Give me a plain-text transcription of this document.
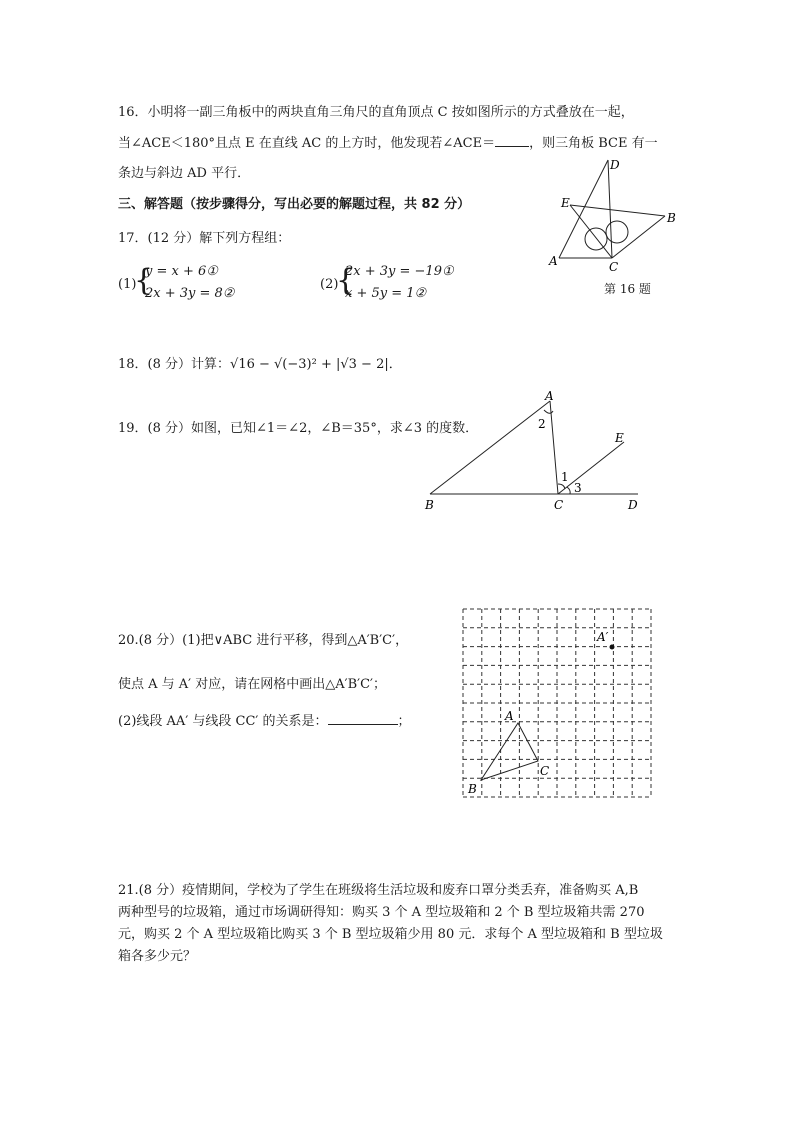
16．小明将一副三角板中的两块直角三角尺的直角顶点 C 按如图所示的方式叠放在一起，
当∠ACE＜180°且点 E 在直线 AC 的上方时，他发现若∠ACE＝	，则三角板 BCE 有一
条边与斜边 AD 平行．
D
E
B
A	C
第 16 题
三、解答题（按步骤得分，写出必要的解题过程，共 82 分）
17．(12 分）解下列方程组：
(1)
{
y = x + 6①
2x + 3y = 8②
(2)
{
2x + 3y = −19①
x + 5y = 1②
18．(8 分）计算：√16 − √(−3)² + |√3 − 2|．
19．(8 分）如图，已知∠1＝∠2，∠B＝35°，求∠3 的度数．
A
B	C	D
E
2
1
3
20.(8 分）(1)把∨ABC 进行平移，得到△A′B′C′，
使点 A 与 A′ 对应，请在网格中画出△A′B′C′；
(2)线段 AA′ 与线段 CC′ 的关系是：	；
A′
A
B
C
21.(8 分）疫情期间，学校为了学生在班级将生活垃圾和废弃口罩分类丢弃，准备购买 A,B
两种型号的垃圾箱，通过市场调研得知：购买 3 个 A 型垃圾箱和 2 个 B 型垃圾箱共需 270
元，购买 2 个 A 型垃圾箱比购买 3 个 B 型垃圾箱少用 80 元．求每个 A 型垃圾箱和 B 型垃圾
箱各多少元？
